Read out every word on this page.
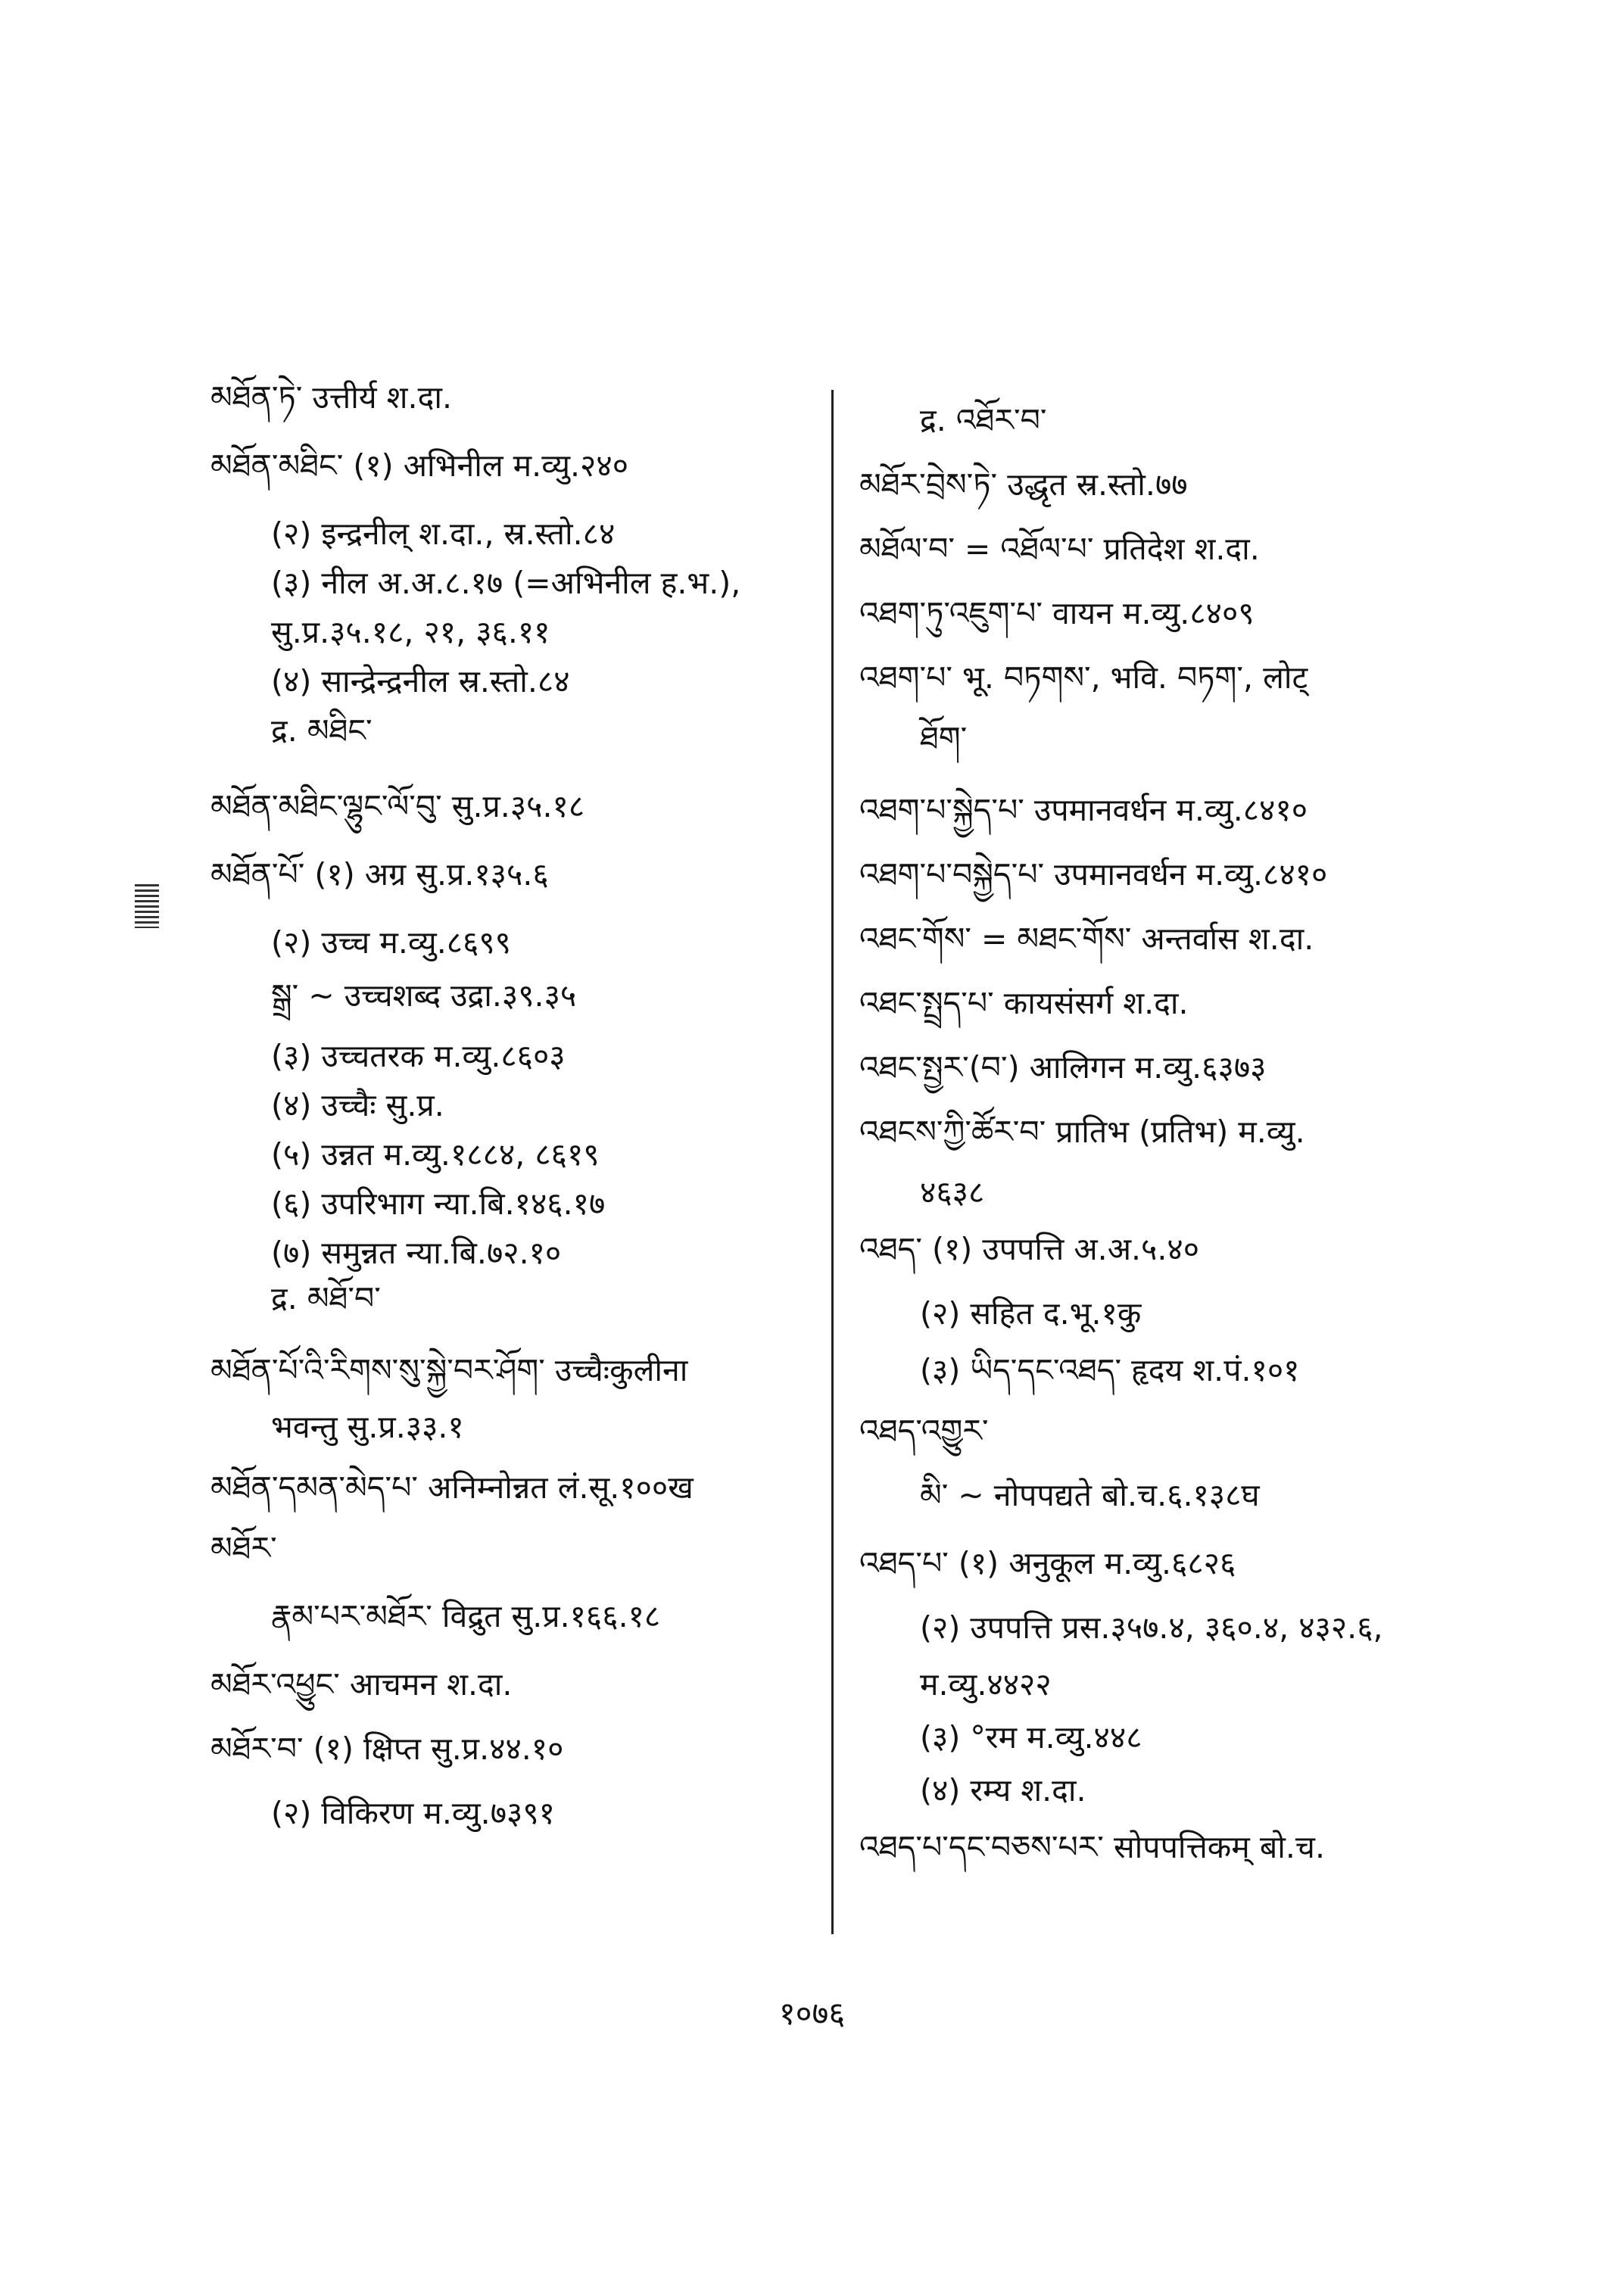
མཐོན་ཏེ་ उत्तीर्य श.दा.
མཐོན་མཐིང་ (१) अभिनील म.व्यु.२४०
(२) इन्द्रनील् श.दा., स्र.स्तो.८४
(३) नील अ.अ.८.१७ (=अभिनील ह.भ.),
सु.प्र.३५.१८, २१, ३६.११
(४) सान्द्रेन्द्रनील स्र.स्तो.८४
द्र. མཐིང་
མཐོན་མཐིང་ལྷུང་ལོ་བུ་ सु.प्र.३५.१८
མཐོན་པོ་ (१) अग्र सु.प्र.१३५.६
(२) उच्च म.व्यु.८६९९
སྒྲ་ ~ उच्चशब्द उद्रा.३९.३५
(३) उच्चतरक म.व्यु.८६०३
(४) उच्चैः सु.प्र.
(५) उन्नत म.व्यु.१८८४, ८६१९
(६) उपरिभाग न्या.बि.१४६.१७
(७) समुन्नत न्या.बि.७२.१०
द्र. མཐོ་བ་
མཐོན་པོ་འི་རིགས་སུ་སྐྱེ་བར་ཤོག་ उच्चैःकुलीना
भवन्तु सु.प्र.३३.१
མཐོན་དམན་མེད་པ་ अनिम्नोन्नत लं.सू.१००ख
མཐོར་
རྣམ་པར་མཐོར་ विद्रुत सु.प्र.१६६.१८
མཐོར་འཕྱུང་ आचमन श.दा.
མཐོར་བ་ (१) क्षिप्त सु.प्र.४४.१०
(२) विकिरण म.व्यु.७३९१
द्र. འཐོར་བ་
མཐོར་བྲེས་ཏེ་ उद्धृत स्र.स्तो.७७
མཐོལ་བ་ = འཐོལ་པ་ प्रतिदेश श.दा.
འཐག་ཏུ་འཇུག་པ་ वायन म.व्यु.८४०९
འཐག་པ་ भू. བཏགས་, भवि. བཏག་, लोट्
ཐོག་
འཐག་པ་སྐྱེད་པ་ उपमानवर्धन म.व्यु.८४१०
འཐག་པ་བསྐྱེད་པ་ उपमानवर्धन म.व्यु.८४१०
འཐང་གོས་ = མཐང་གོས་ अन्तर्वास श.दा.
འཐང་སྤྲད་པ་ कायसंसर्ग श.दा.
འཐང་སྤྱར་(བ་) आलिगन म.व्यु.६३७३
འཐངས་ཀྱི་ཚོར་བ་ प्रातिभ (प्रतिभ) म.व्यु.
४६३८
འཐད་ (१) उपपत्ति अ.अ.५.४०
(२) सहित द.भू.१कु
(३) ཡིད་དང་འཐད་ हृदय श.पं.१०१
འཐད་འགྱུར་
མི་ ~ नोपपद्यते बो.च.६.१३८घ
འཐད་པ་ (१) अनुकूल म.व्यु.६८२६
(२) उपपत्ति प्रस.३५७.४, ३६०.४, ४३२.६,
म.व्यु.४४२२
(३) °रम म.व्यु.४४८
(४) रम्य श.दा.
འཐད་པ་དང་བཅས་པར་ सोपपत्तिकम् बो.च.
१०७६
